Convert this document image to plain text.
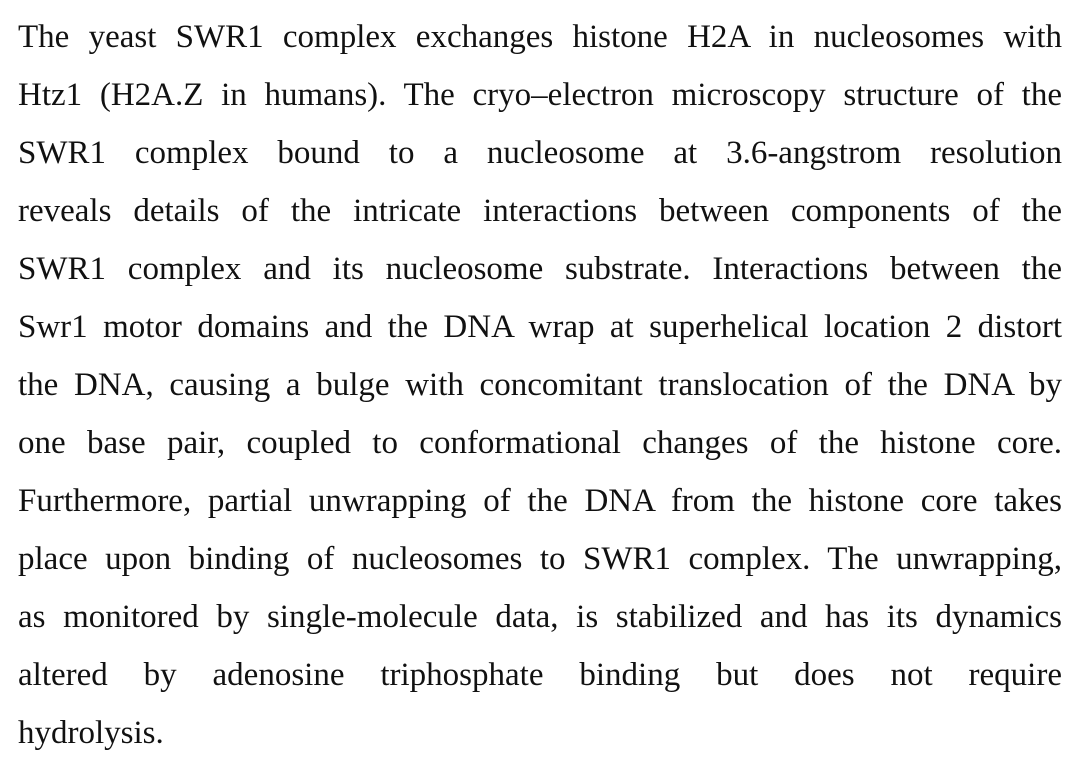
The yeast SWR1 complex exchanges histone H2A in nucleosomes with
Htz1 (H2A.Z in humans). The cryo–electron microscopy structure of the
SWR1 complex bound to a nucleosome at 3.6-angstrom resolution
reveals details of the intricate interactions between components of the
SWR1 complex and its nucleosome substrate. Interactions between the
Swr1 motor domains and the DNA wrap at superhelical location 2 distort
the DNA, causing a bulge with concomitant translocation of the DNA by
one base pair, coupled to conformational changes of the histone core.
Furthermore, partial unwrapping of the DNA from the histone core takes
place upon binding of nucleosomes to SWR1 complex. The unwrapping,
as monitored by single-molecule data, is stabilized and has its dynamics
altered by adenosine triphosphate binding but does not require
hydrolysis.
